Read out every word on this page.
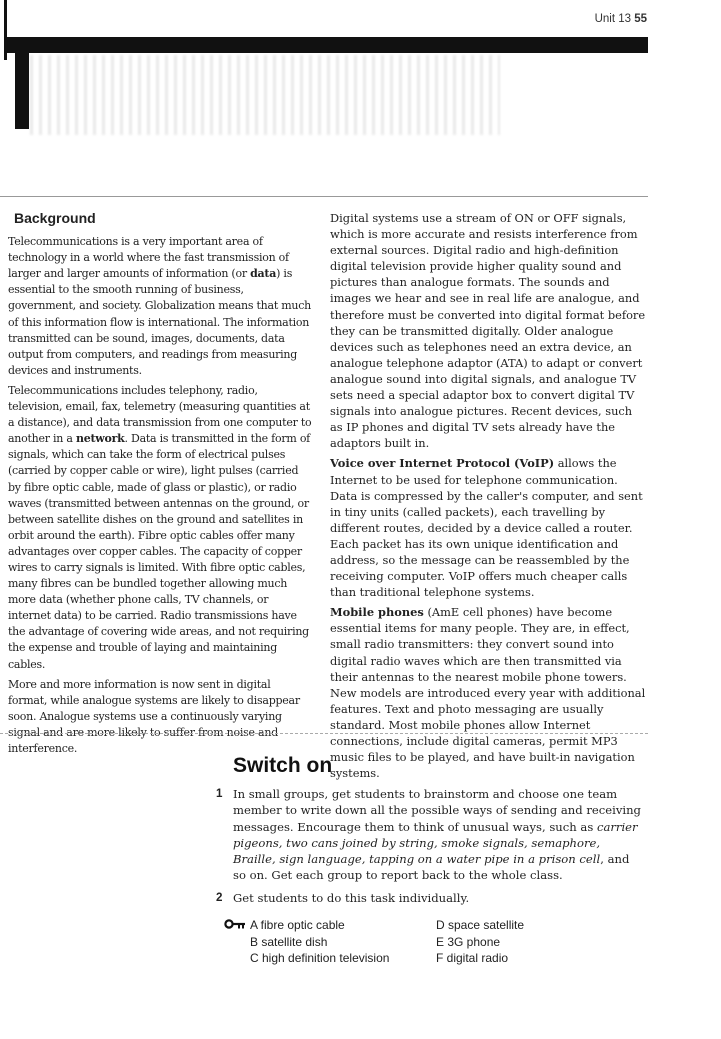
Unit 13 55

Background

Telecommunications is a very important area of technology in a world where the fast transmission of larger and larger amounts of information (or data) is essential to the smooth running of business, government, and society. Globalization means that much of this information flow is international. The information transmitted can be sound, images, documents, data output from computers, and readings from measuring devices and instruments.

Telecommunications includes telephony, radio, television, email, fax, telemetry (measuring quantities at a distance), and data transmission from one computer to another in a network. Data is transmitted in the form of signals, which can take the form of electrical pulses (carried by copper cable or wire), light pulses (carried by fibre optic cable, made of glass or plastic), or radio waves (transmitted between antennas on the ground, or between satellite dishes on the ground and satellites in orbit around the earth). Fibre optic cables offer many advantages over copper cables. The capacity of copper wires to carry signals is limited. With fibre optic cables, many fibres can be bundled together allowing much more data (whether phone calls, TV channels, or internet data) to be carried. Radio transmissions have the advantage of covering wide areas, and not requiring the expense and trouble of laying and maintaining cables.

More and more information is now sent in digital format, while analogue systems are likely to disappear soon. Analogue systems use a continuously varying signal and are more likely to suffer from noise and interference.

Digital systems use a stream of ON or OFF signals, which is more accurate and resists interference from external sources. Digital radio and high-definition digital television provide higher quality sound and pictures than analogue formats. The sounds and images we hear and see in real life are analogue, and therefore must be converted into digital format before they can be transmitted digitally. Older analogue devices such as telephones need an extra device, an analogue telephone adaptor (ATA) to adapt or convert analogue sound into digital signals, and analogue TV sets need a special adaptor box to convert digital TV signals into analogue pictures. Recent devices, such as IP phones and digital TV sets already have the adaptors built in.

Voice over Internet Protocol (VoIP) allows the Internet to be used for telephone communication. Data is compressed by the caller's computer, and sent in tiny units (called packets), each travelling by different routes, decided by a device called a router. Each packet has its own unique identification and address, so the message can be reassembled by the receiving computer. VoIP offers much cheaper calls than traditional telephone systems.

Mobile phones (AmE cell phones) have become essential items for many people. They are, in effect, small radio transmitters: they convert sound into digital radio waves which are then transmitted via their antennas to the nearest mobile phone towers. New models are introduced every year with additional features. Text and photo messaging are usually standard. Most mobile phones allow Internet connections, include digital cameras, permit MP3 music files to be played, and have built-in navigation systems.

Switch on
1 In small groups, get students to brainstorm and choose one team member to write down all the possible ways of sending and receiving messages. Encourage them to think of unusual ways, such as carrier pigeons, two cans joined by string, smoke signals, semaphore, Braille, sign language, tapping on a water pipe in a prison cell, and so on. Get each group to report back to the whole class.
2 Get students to do this task individually.
A fibre optic cable
B satellite dish
C high definition television
D space satellite
E 3G phone
F digital radio
